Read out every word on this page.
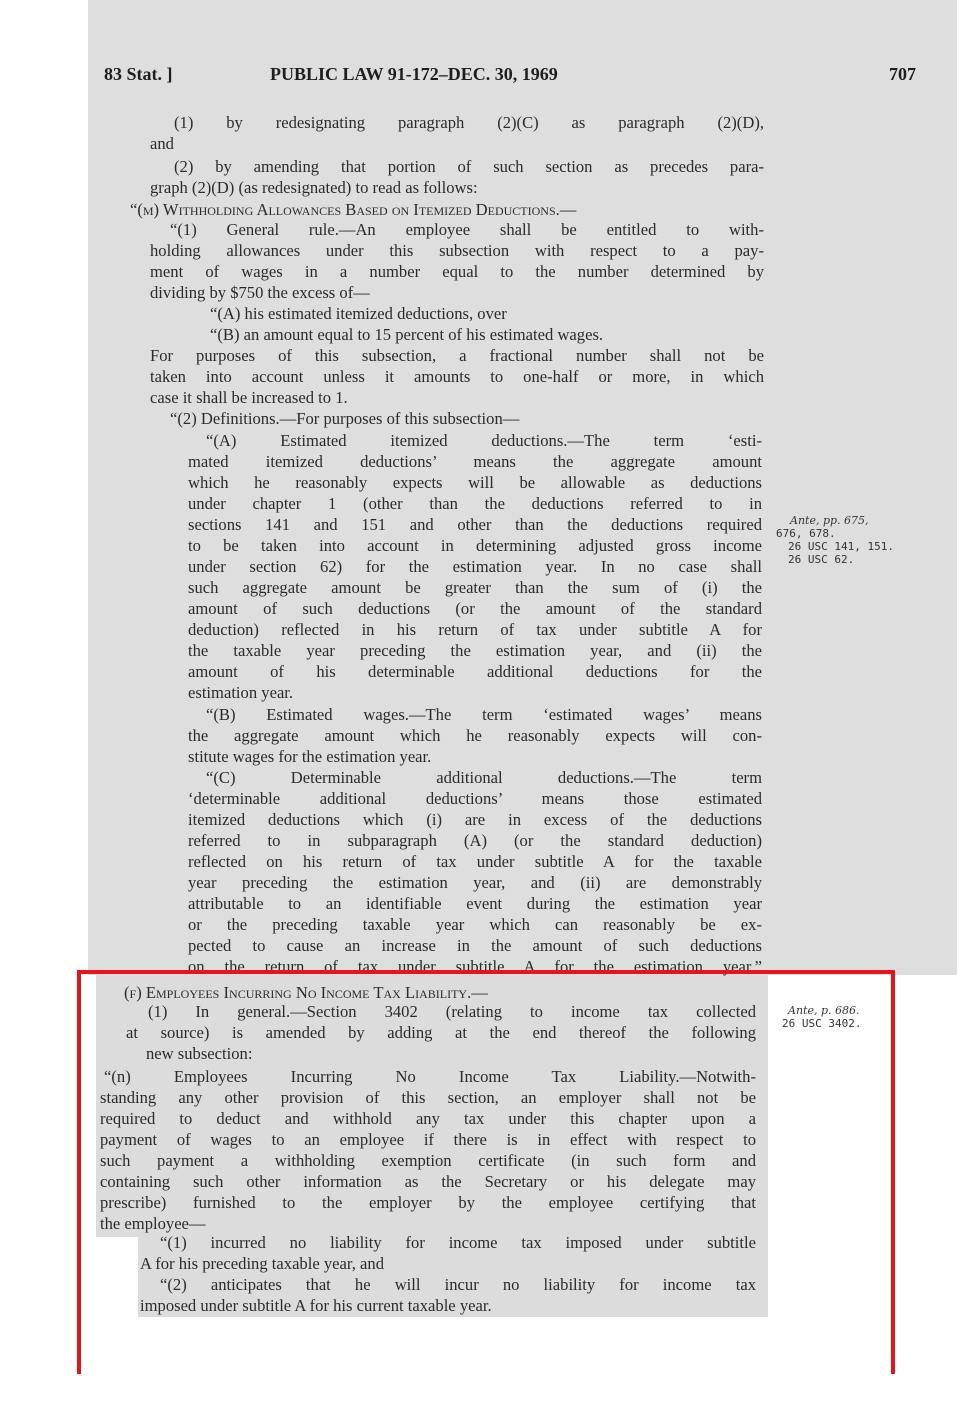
83 Stat. ]	PUBLIC LAW 91-172–DEC. 30, 1969	707
(1) by redesignating paragraph (2)(C) as paragraph (2)(D),
and
(2) by amending that portion of such section as precedes para-
graph (2)(D) (as redesignated) to read as follows:
“(m) Withholding Allowances Based on Itemized Deductions.—
“(1) General rule.—An employee shall be entitled to with-
holding allowances under this subsection with respect to a pay-
ment of wages in a number equal to the number determined by
dividing by $750 the excess of—
“(A) his estimated itemized deductions, over
“(B) an amount equal to 15 percent of his estimated wages.
For purposes of this subsection, a fractional number shall not be
taken into account unless it amounts to one-half or more, in which
case it shall be increased to 1.
“(2) Definitions.—For purposes of this subsection—
“(A) Estimated itemized deductions.—The term ‘esti-
mated itemized deductions’ means the aggregate amount
which he reasonably expects will be allowable as deductions
under chapter 1 (other than the deductions referred to in
sections 141 and 151 and other than the deductions required
to be taken into account in determining adjusted gross income
under section 62) for the estimation year. In no case shall
such aggregate amount be greater than the sum of (i) the
amount of such deductions (or the amount of the standard
deduction) reflected in his return of tax under subtitle A for
the taxable year preceding the estimation year, and (ii) the
amount of his determinable additional deductions for the
estimation year.
“(B) Estimated wages.—The term ‘estimated wages’ means
the aggregate amount which he reasonably expects will con-
stitute wages for the estimation year.
“(C) Determinable additional deductions.—The term
‘determinable additional deductions’ means those estimated
itemized deductions which (i) are in excess of the deductions
referred to in subparagraph (A) (or the standard deduction)
reflected on his return of tax under subtitle A for the taxable
year preceding the estimation year, and (ii) are demonstrably
attributable to an identifiable event during the estimation year
or the preceding taxable year which can reasonably be ex-
pected to cause an increase in the amount of such deductions
on the return of tax under subtitle A for the estimation year.”
Ante, pp. 675,
676, 678.
26 USC 141, 151.
26 USC 62.
(f) Employees Incurring No Income Tax Liability.—
(1) In general.—Section 3402 (relating to income tax collected
at source) is amended by adding at the end thereof the following
new subsection:
“(n) Employees Incurring No Income Tax Liability.—Notwith-
standing any other provision of this section, an employer shall not be
required to deduct and withhold any tax under this chapter upon a
payment of wages to an employee if there is in effect with respect to
such payment a withholding exemption certificate (in such form and
containing such other information as the Secretary or his delegate may
prescribe) furnished to the employer by the employee certifying that
the employee—
“(1) incurred no liability for income tax imposed under subtitle
A for his preceding taxable year, and
“(2) anticipates that he will incur no liability for income tax
imposed under subtitle A for his current taxable year.
Ante, p. 686.
26 USC 3402.
